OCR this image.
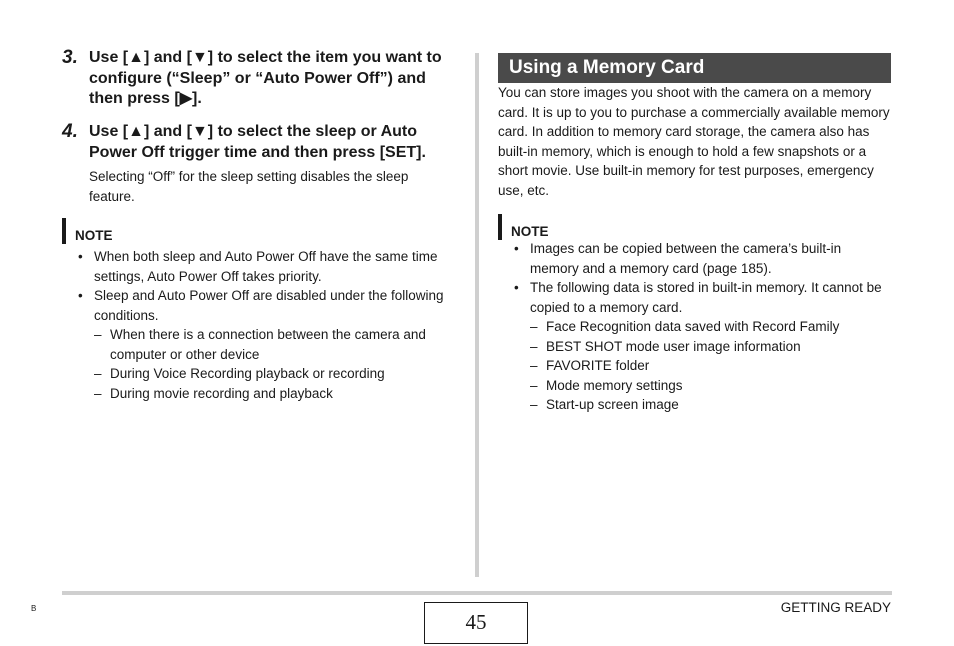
3. Use [▲] and [▼] to select the item you want to configure (“Sleep” or “Auto Power Off”) and then press [▶].
4. Use [▲] and [▼] to select the sleep or Auto Power Off trigger time and then press [SET].
Selecting “Off” for the sleep setting disables the sleep feature.
NOTE
• When both sleep and Auto Power Off have the same time settings, Auto Power Off takes priority.
• Sleep and Auto Power Off are disabled under the following conditions.
– When there is a connection between the camera and computer or other device
– During Voice Recording playback or recording
– During movie recording and playback
Using a Memory Card
You can store images you shoot with the camera on a memory card. It is up to you to purchase a commercially available memory card. In addition to memory card storage, the camera also has built-in memory, which is enough to hold a few snapshots or a short movie. Use built-in memory for test purposes, emergency use, etc.
NOTE
• Images can be copied between the camera’s built-in memory and a memory card (page 185).
• The following data is stored in built-in memory. It cannot be copied to a memory card.
– Face Recognition data saved with Record Family
– BEST SHOT mode user image information
– FAVORITE folder
– Mode memory settings
– Start-up screen image
45
GETTING READY
B
